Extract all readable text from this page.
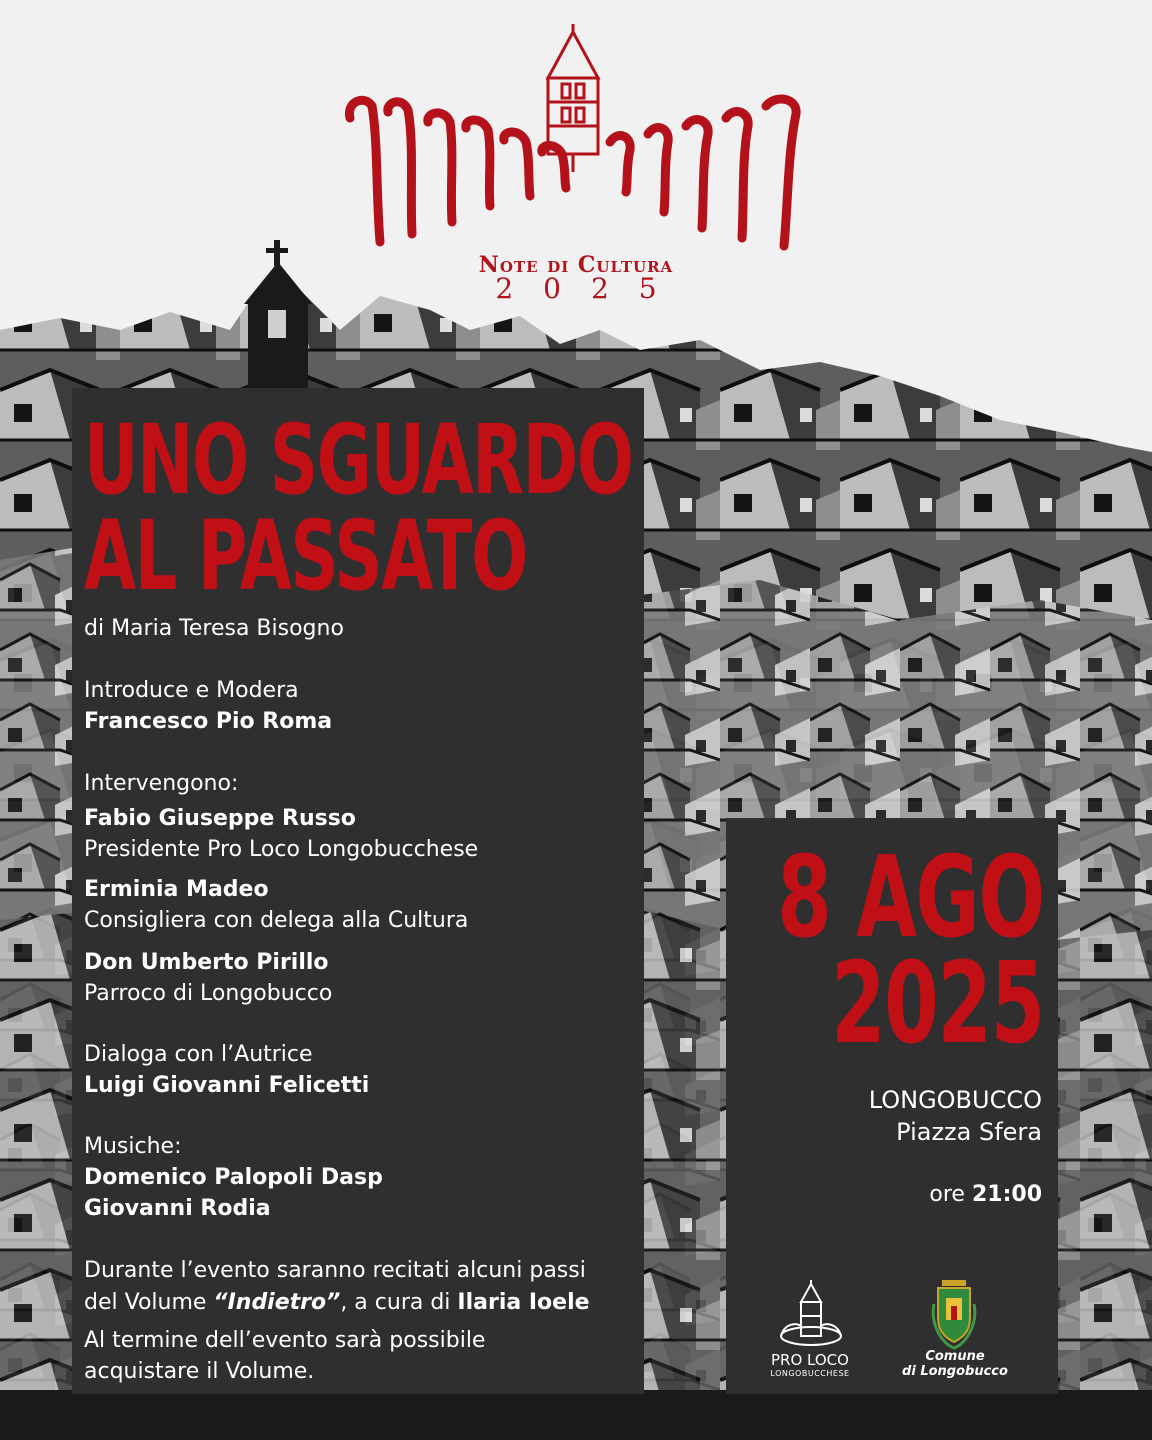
Note di Cultura
2025
UNO SGUARDO
AL PASSATO
di Maria Teresa Bisogno
Introduce e Modera
Francesco Pio Roma
Intervengono:
Fabio Giuseppe Russo
Presidente Pro Loco Longobucchese
Erminia Madeo
Consigliera con delega alla Cultura
Don Umberto Pirillo
Parroco di Longobucco
Dialoga con l’Autrice
Luigi Giovanni Felicetti
Musiche:
Domenico Palopoli Dasp
Giovanni Rodia
Durante l’evento saranno recitati alcuni passi
del Volume “Indietro”, a cura di Ilaria Ioele
Al termine dell’evento sarà possibile
acquistare il Volume.
8 AGO
2025
LONGOBUCCO
Piazza Sfera
ore 21:00
PRO LOCO
LONGOBUCCHESE
Comune
di Longobucco
